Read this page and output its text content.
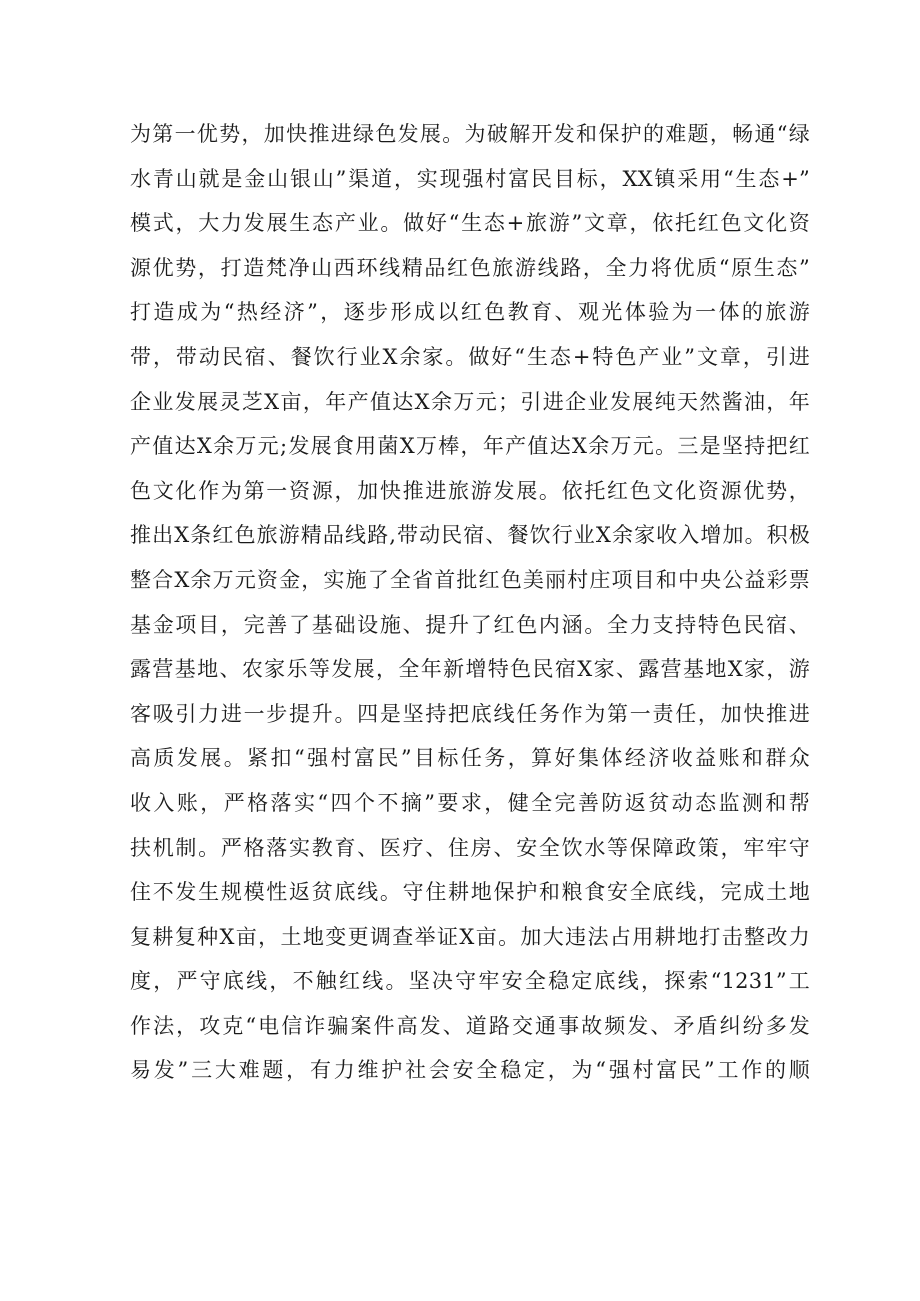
为第一优势，加快推进绿色发展。为破解开发和保护的难题，畅通“绿
水青山就是金山银山”渠道，实现强村富民目标，XX镇采用“生态+”
模式，大力发展生态产业。做好“生态+旅游”文章，依托红色文化资
源优势，打造梵净山西环线精品红色旅游线路，全力将优质“原生态”
打造成为“热经济”，逐步形成以红色教育、观光体验为一体的旅游
带，带动民宿、餐饮行业X余家。做好“生态+特色产业”文章，引进
企业发展灵芝X亩，年产值达X余万元；引进企业发展纯天然酱油，年
产值达X余万元;发展食用菌X万棒，年产值达X余万元。三是坚持把红
色文化作为第一资源，加快推进旅游发展。依托红色文化资源优势，
推出X条红色旅游精品线路,带动民宿、餐饮行业X余家收入增加。积极
整合X余万元资金，实施了全省首批红色美丽村庄项目和中央公益彩票
基金项目，完善了基础设施、提升了红色内涵。全力支持特色民宿、
露营基地、农家乐等发展，全年新增特色民宿X家、露营基地X家，游
客吸引力进一步提升。四是坚持把底线任务作为第一责任，加快推进
高质发展。紧扣“强村富民”目标任务，算好集体经济收益账和群众
收入账，严格落实“四个不摘”要求，健全完善防返贫动态监测和帮
扶机制。严格落实教育、医疗、住房、安全饮水等保障政策，牢牢守
住不发生规模性返贫底线。守住耕地保护和粮食安全底线，完成土地
复耕复种X亩，土地变更调查举证X亩。加大违法占用耕地打击整改力
度，严守底线，不触红线。坚决守牢安全稳定底线，探索“1231”工
作法，攻克“电信诈骗案件高发、道路交通事故频发、矛盾纠纷多发
易发”三大难题，有力维护社会安全稳定，为“强村富民”工作的顺
